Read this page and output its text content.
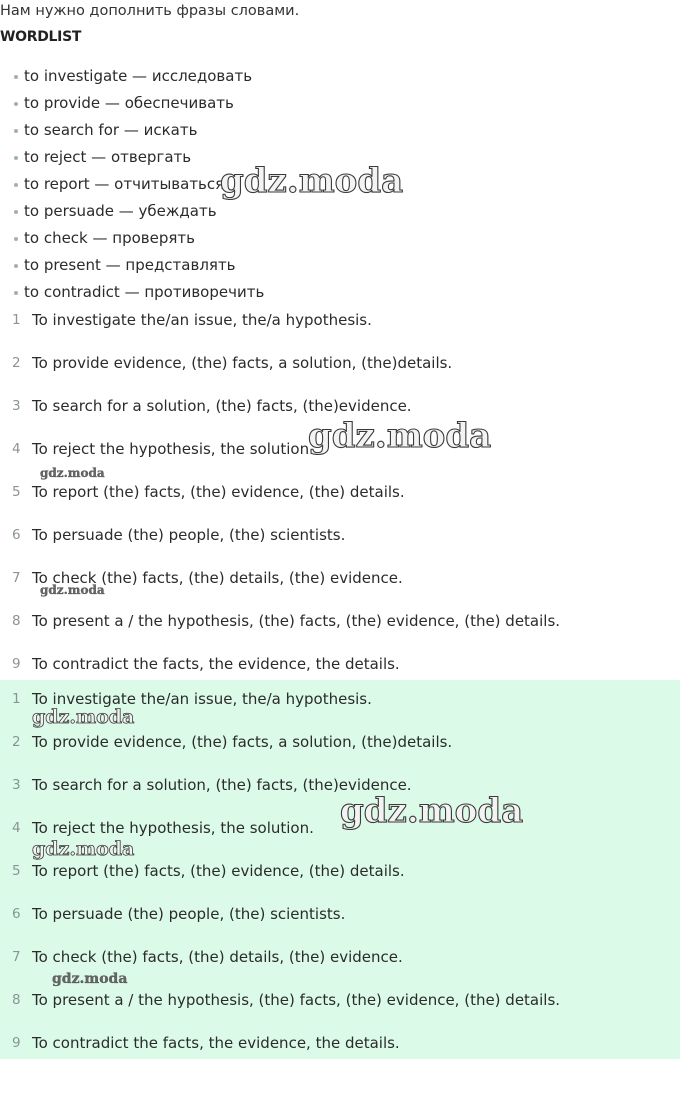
Нам нужно дополнить фразы словами.
WORDLIST
to investigate — исследовать
to provide — обеспечивать
to search for — искать
to reject — отвергать
to report — отчитываться
to persuade — убеждать
to check — проверять
to present — представлять
to contradict — противоречить
1 To investigate the/an issue, the/a hypothesis.
2 To provide evidence, (the) facts, a solution, (the)details.
3 To search for a solution, (the) facts, (the)evidence.
4 To reject the hypothesis, the solution.
5 To report (the) facts, (the) evidence, (the) details.
6 To persuade (the) people, (the) scientists.
7 To check (the) facts, (the) details, (the) evidence.
8 To present a / the hypothesis, (the) facts, (the) evidence, (the) details.
9 To contradict the facts, the evidence, the details.
1 To investigate the/an issue, the/a hypothesis.
2 To provide evidence, (the) facts, a solution, (the)details.
3 To search for a solution, (the) facts, (the)evidence.
4 To reject the hypothesis, the solution.
5 To report (the) facts, (the) evidence, (the) details.
6 To persuade (the) people, (the) scientists.
7 To check (the) facts, (the) details, (the) evidence.
8 To present a / the hypothesis, (the) facts, (the) evidence, (the) details.
9 To contradict the facts, the evidence, the details.
gdz.moda
gdz.moda
gdz.moda
gdz.moda
gdz.moda
gdz.moda
gdz.moda
gdz.moda
